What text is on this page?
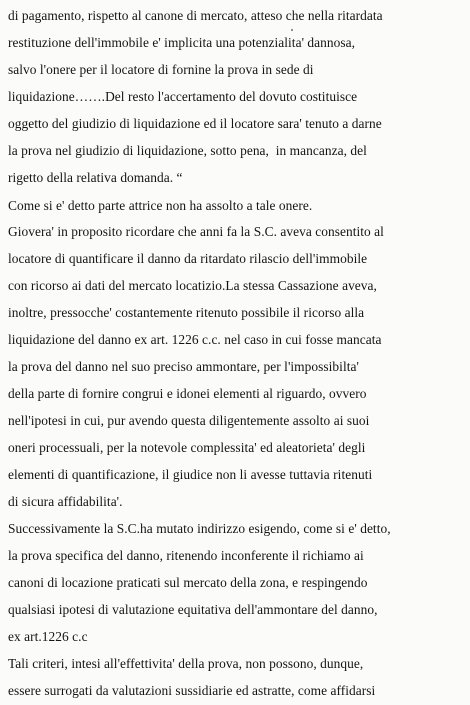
di pagamento, rispetto al canone di mercato, atteso che nella ritardata
restituzione dell'immobile e' implicita una potenzialita' dannosa,
salvo l'onere per il locatore di fornine la prova in sede di
liquidazione…….Del resto l'accertamento del dovuto costituisce
oggetto del giudizio di liquidazione ed il locatore sara' tenuto a darne
la prova nel giudizio di liquidazione, sotto pena,  in mancanza, del
rigetto della relativa domanda. “
Come si e' detto parte attrice non ha assolto a tale onere.
Giovera' in proposito ricordare che anni fa la S.C. aveva consentito al
locatore di quantificare il danno da ritardato rilascio dell'immobile
con ricorso ai dati del mercato locatizio.La stessa Cassazione aveva,
inoltre, pressocche' costantemente ritenuto possibile il ricorso alla
liquidazione del danno ex art. 1226 c.c. nel caso in cui fosse mancata
la prova del danno nel suo preciso ammontare, per l'impossibilta'
della parte di fornire congrui e idonei elementi al riguardo, ovvero
nell'ipotesi in cui, pur avendo questa diligentemente assolto ai suoi
oneri processuali, per la notevole complessita' ed aleatorieta' degli
elementi di quantificazione, il giudice non li avesse tuttavia ritenuti
di sicura affidabilita'.
Successivamente la S.C.ha mutato indirizzo esigendo, come si e' detto,
la prova specifica del danno, ritenendo inconferente il richiamo ai
canoni di locazione praticati sul mercato della zona, e respingendo
qualsiasi ipotesi di valutazione equitativa dell'ammontare del danno,
ex art.1226 c.c
Tali criteri, intesi all'effettivita' della prova, non possono, dunque,
essere surrogati da valutazioni sussidiarie ed astratte, come affidarsi
